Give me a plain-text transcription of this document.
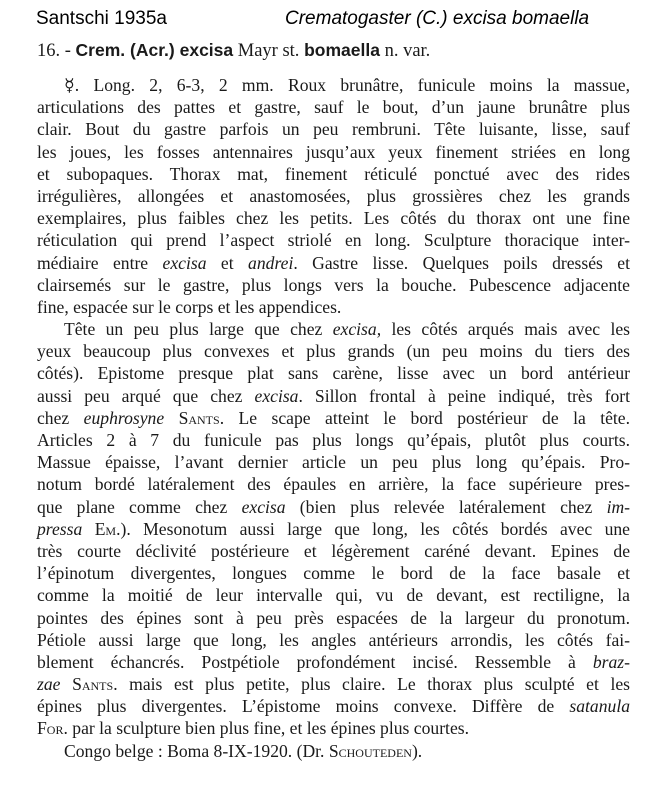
Santschi 1935a	Crematogaster (C.) excisa bomaella
16. - Crem. (Acr.) excisa Mayr st. bomaella n. var.
☿. Long. 2, 6-3, 2 mm. Roux brunâtre, funicule moins la massue,
articulations des pattes et gastre, sauf le bout, d’un jaune brunâtre plus
clair. Bout du gastre parfois un peu rembruni. Tête luisante, lisse, sauf
les joues, les fosses antennaires jusqu’aux yeux finement striées en long
et subopaques. Thorax mat, finement réticulé ponctué avec des rides
irrégulières, allongées et anastomosées, plus grossières chez les grands
exemplaires, plus faibles chez les petits. Les côtés du thorax ont une fine
réticulation qui prend l’aspect striolé en long. Sculpture thoracique inter-
médiaire entre excisa et andrei. Gastre lisse. Quelques poils dressés et
clairsemés sur le gastre, plus longs vers la bouche. Pubescence adjacente
fine, espacée sur le corps et les appendices.
Tête un peu plus large que chez excisa, les côtés arqués mais avec les
yeux beaucoup plus convexes et plus grands (un peu moins du tiers des
côtés). Epistome presque plat sans carène, lisse avec un bord antérieur
aussi peu arqué que chez excisa. Sillon frontal à peine indiqué, très fort
chez euphrosyne Sants. Le scape atteint le bord postérieur de la tête.
Articles 2 à 7 du funicule pas plus longs qu’épais, plutôt plus courts.
Massue épaisse, l’avant dernier article un peu plus long qu’épais. Pro-
notum bordé latéralement des épaules en arrière, la face supérieure pres-
que plane comme chez excisa (bien plus relevée latéralement chez im-
pressa Em.). Mesonotum aussi large que long, les côtés bordés avec une
très courte déclivité postérieure et légèrement caréné devant. Epines de
l’épinotum divergentes, longues comme le bord de la face basale et
comme la moitié de leur intervalle qui, vu de devant, est rectiligne, la
pointes des épines sont à peu près espacées de la largeur du pronotum.
Pétiole aussi large que long, les angles antérieurs arrondis, les côtés fai-
blement échancrés. Postpétiole profondément incisé. Ressemble à braz-
zae Sants. mais est plus petite, plus claire. Le thorax plus sculpté et les
épines plus divergentes. L’épistome moins convexe. Diffère de satanula
For. par la sculpture bien plus fine, et les épines plus courtes.
Congo belge : Boma 8-IX-1920. (Dr. Schouteden).
